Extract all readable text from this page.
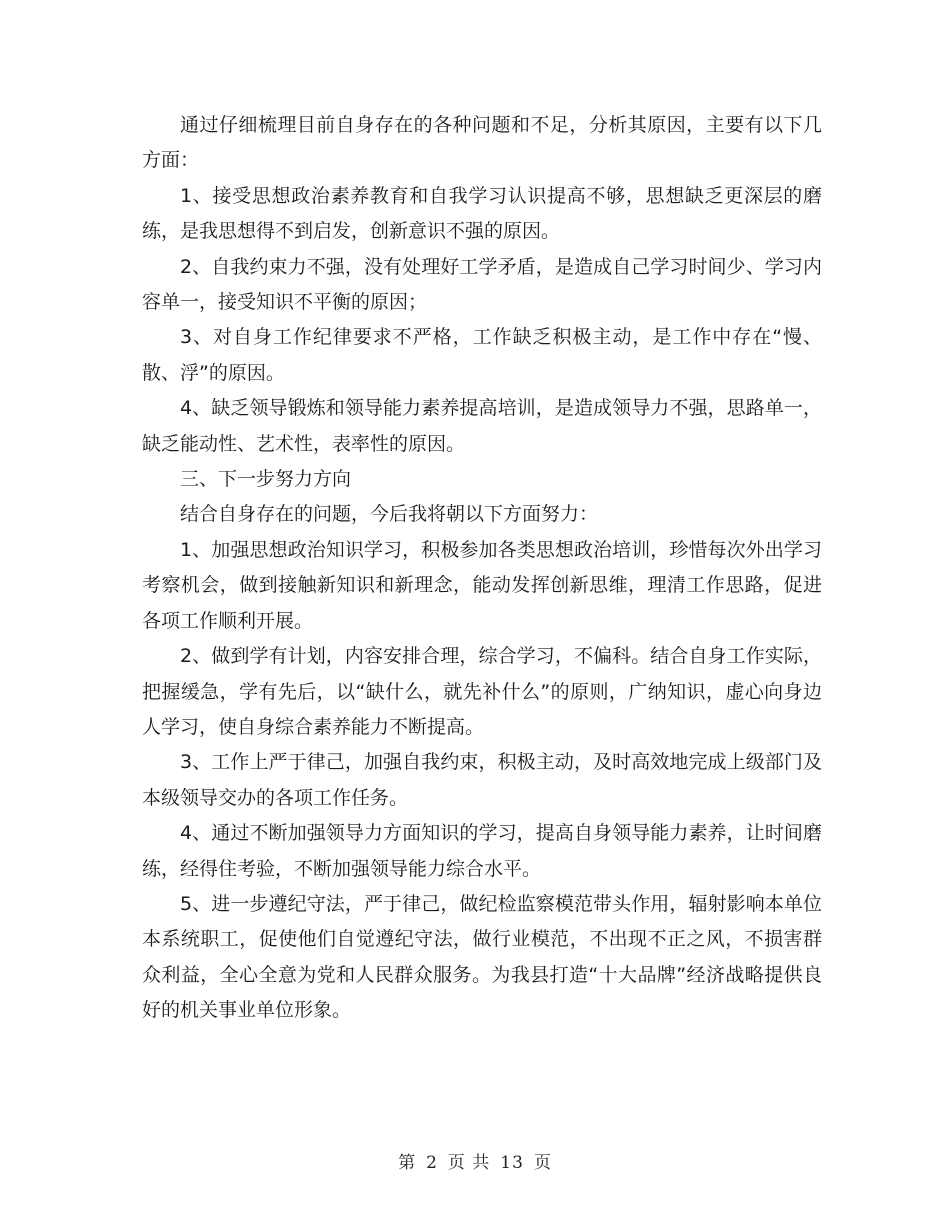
通过仔细梳理目前自身存在的各种问题和不足，分析其原因，主要有以下几方面：

1、接受思想政治素养教育和自我学习认识提高不够，思想缺乏更深层的磨练，是我思想得不到启发，创新意识不强的原因。

2、自我约束力不强，没有处理好工学矛盾，是造成自己学习时间少、学习内容单一，接受知识不平衡的原因；

3、对自身工作纪律要求不严格，工作缺乏积极主动，是工作中存在“慢、散、浮”的原因。

4、缺乏领导锻炼和领导能力素养提高培训，是造成领导力不强，思路单一，缺乏能动性、艺术性，表率性的原因。

三、下一步努力方向

结合自身存在的问题，今后我将朝以下方面努力：

1、加强思想政治知识学习，积极参加各类思想政治培训，珍惜每次外出学习考察机会，做到接触新知识和新理念，能动发挥创新思维，理清工作思路，促进各项工作顺利开展。

2、做到学有计划，内容安排合理，综合学习，不偏科。结合自身工作实际，把握缓急，学有先后，以“缺什么，就先补什么”的原则，广纳知识，虚心向身边人学习，使自身综合素养能力不断提高。

3、工作上严于律己，加强自我约束，积极主动，及时高效地完成上级部门及本级领导交办的各项工作任务。

4、通过不断加强领导力方面知识的学习，提高自身领导能力素养，让时间磨练，经得住考验，不断加强领导能力综合水平。

5、进一步遵纪守法，严于律己，做纪检监察模范带头作用，辐射影响本单位本系统职工，促使他们自觉遵纪守法，做行业模范，不出现不正之风，不损害群众利益，全心全意为党和人民群众服务。为我县打造“十大品牌”经济战略提供良好的机关事业单位形象。

第 2 页 共 13 页
